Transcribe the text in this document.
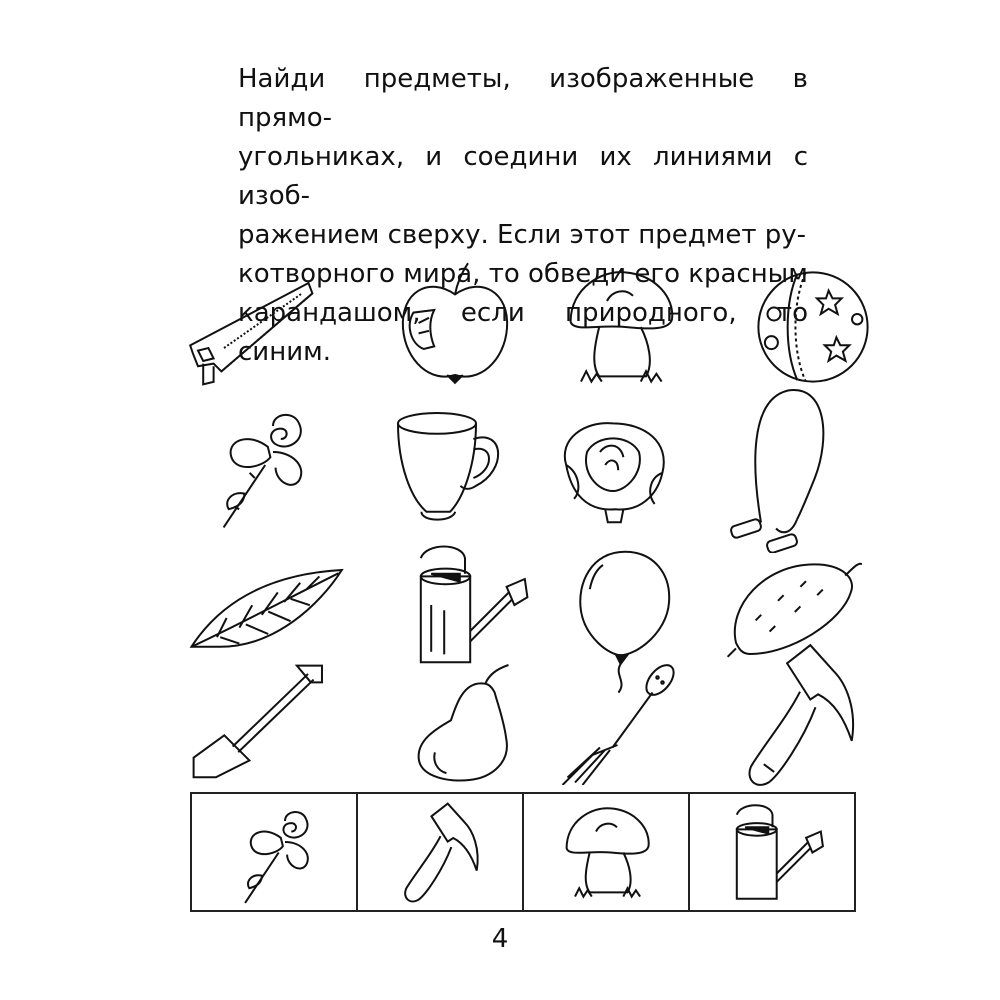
Найди предметы, изображенные в прямо-
угольниках, и соедини их линиями с изоб-
ражением сверху. Если этот предмет ру-
котворного мира, то обведи его красным
карандашом, если природного, то синим.
4
